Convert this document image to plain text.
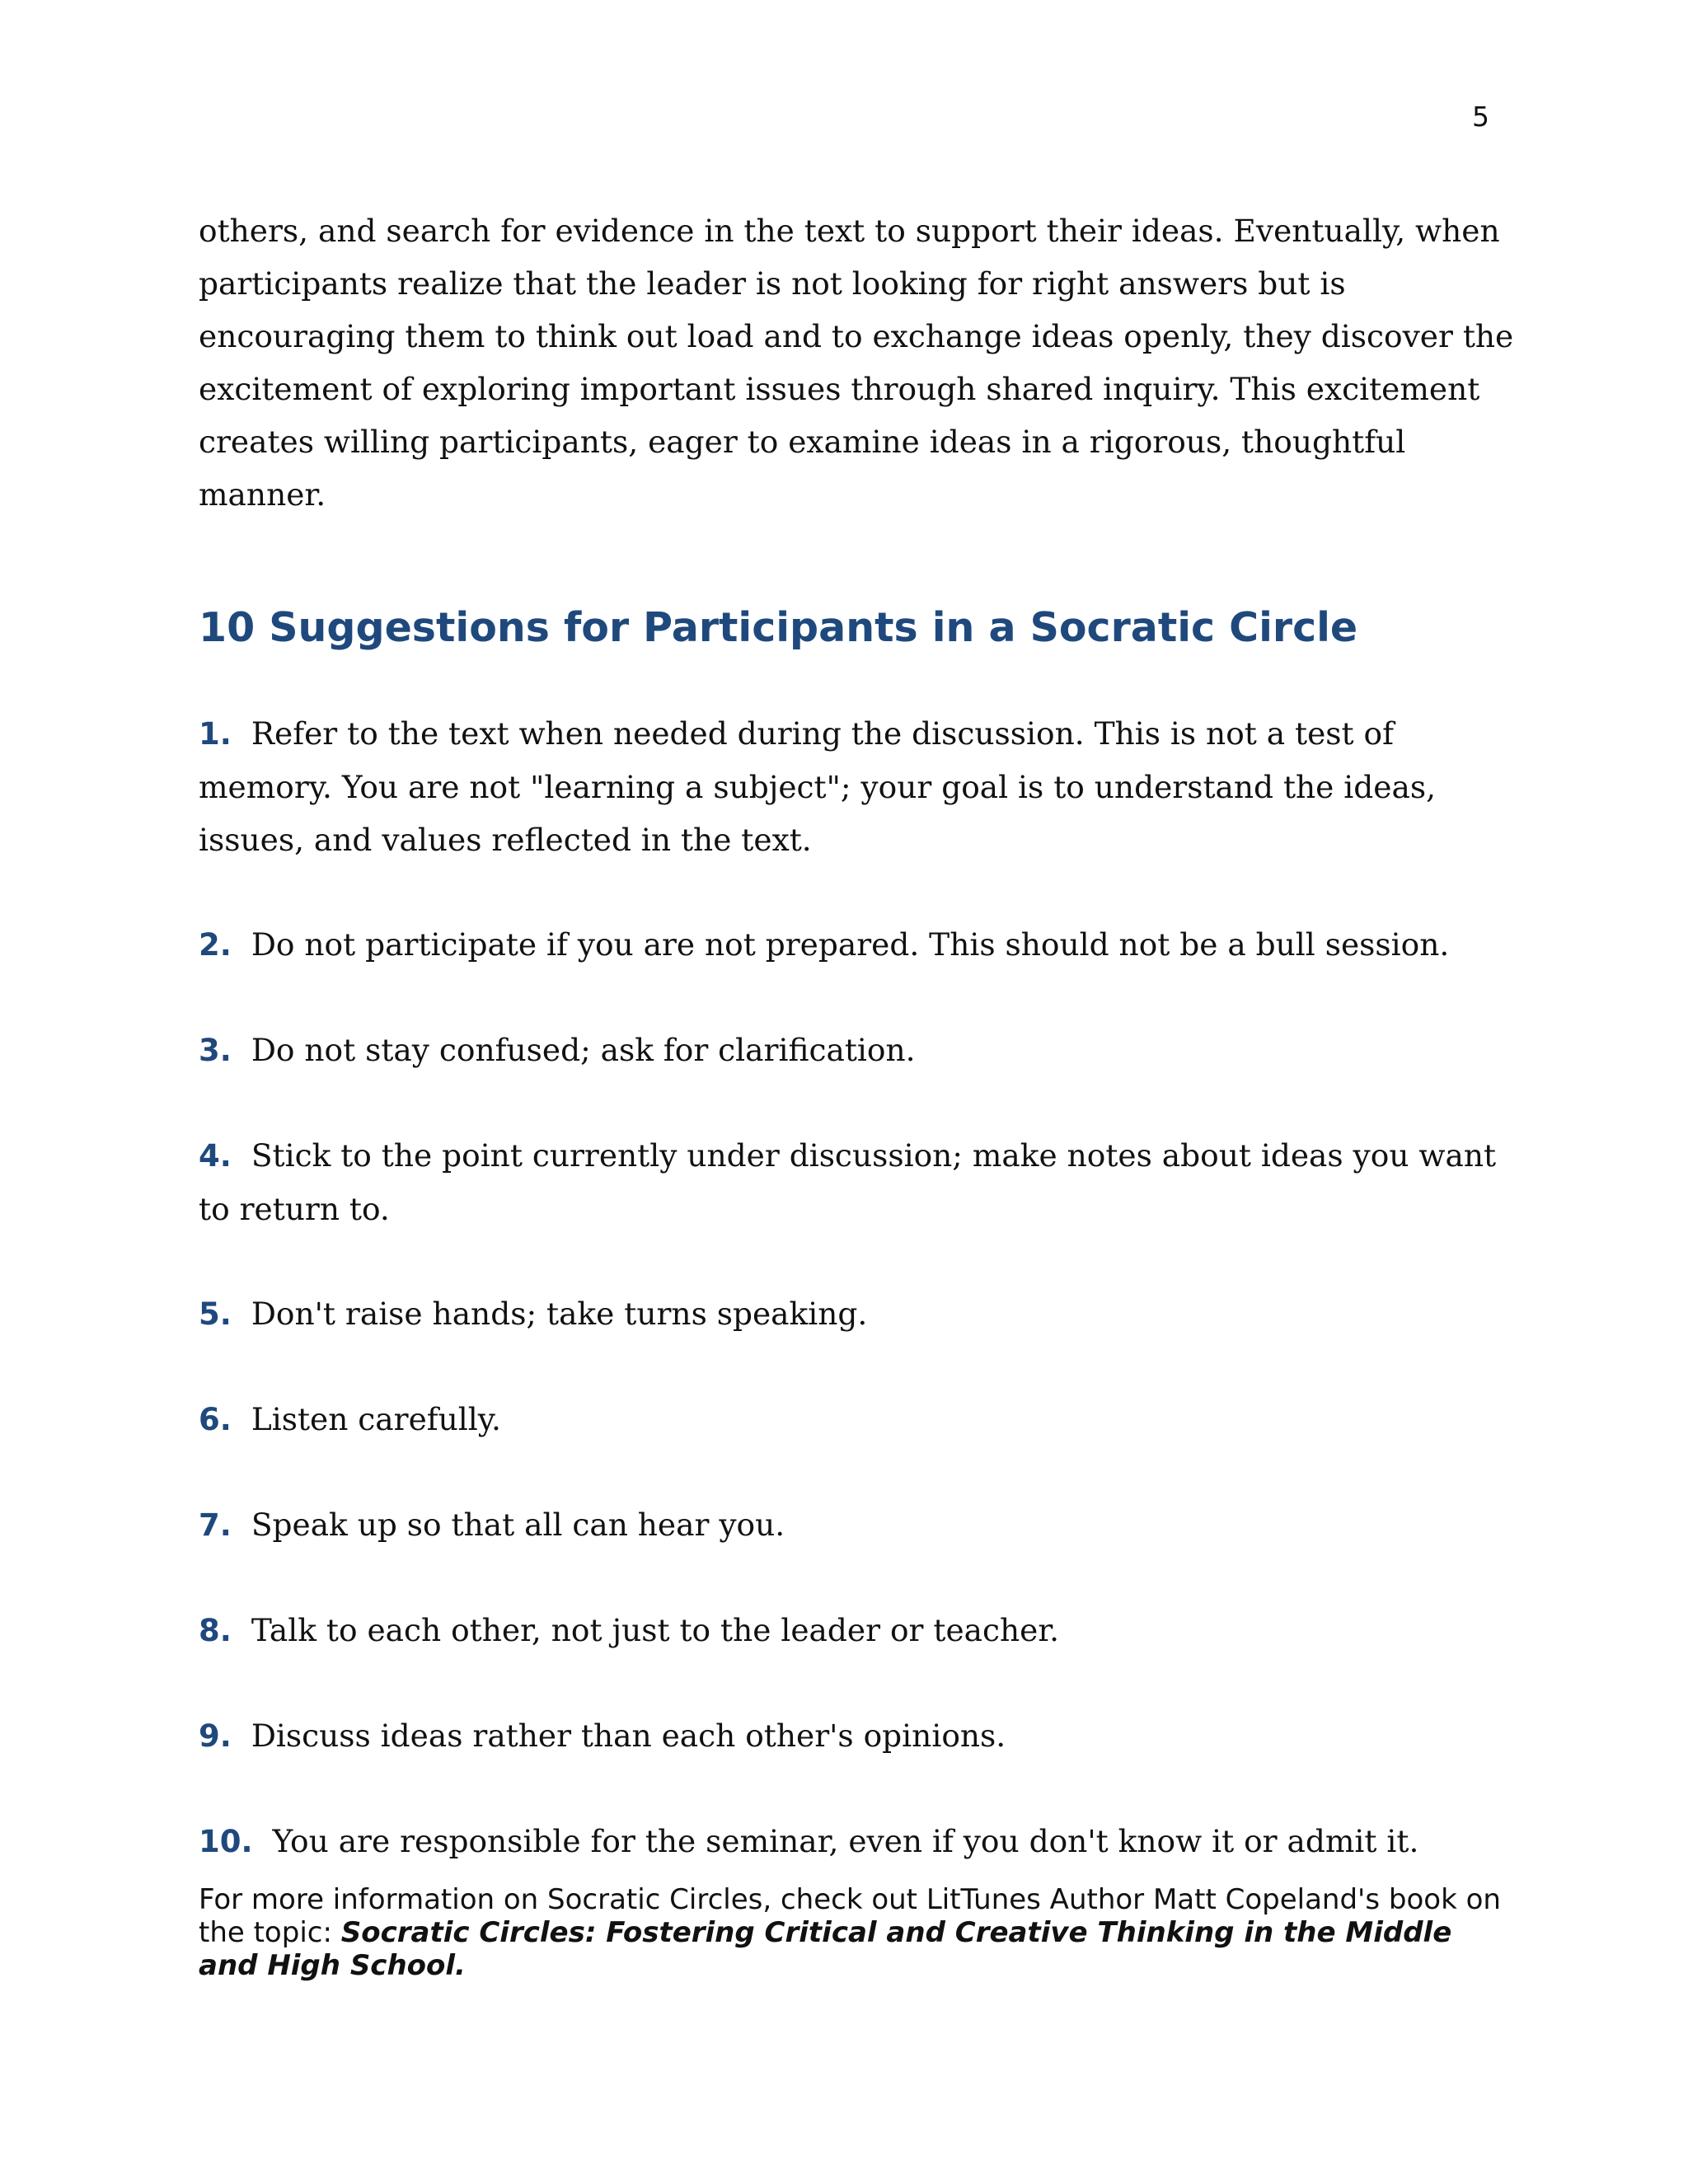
5

others, and search for evidence in the text to support their ideas. Eventually, when participants realize that the leader is not looking for right answers but is encouraging them to think out load and to exchange ideas openly, they discover the excitement of exploring important issues through shared inquiry. This excitement creates willing participants, eager to examine ideas in a rigorous, thoughtful manner.

10 Suggestions for Participants in a Socratic Circle
1. Refer to the text when needed during the discussion. This is not a test of memory. You are not "learning a subject"; your goal is to understand the ideas, issues, and values reflected in the text.
2. Do not participate if you are not prepared. This should not be a bull session.
3. Do not stay confused; ask for clarification.
4. Stick to the point currently under discussion; make notes about ideas you want to return to.
5. Don't raise hands; take turns speaking.
6. Listen carefully.
7. Speak up so that all can hear you.
8. Talk to each other, not just to the leader or teacher.
9. Discuss ideas rather than each other's opinions.
10. You are responsible for the seminar, even if you don't know it or admit it.

For more information on Socratic Circles, check out LitTunes Author Matt Copeland's book on the topic: Socratic Circles: Fostering Critical and Creative Thinking in the Middle and High School.
